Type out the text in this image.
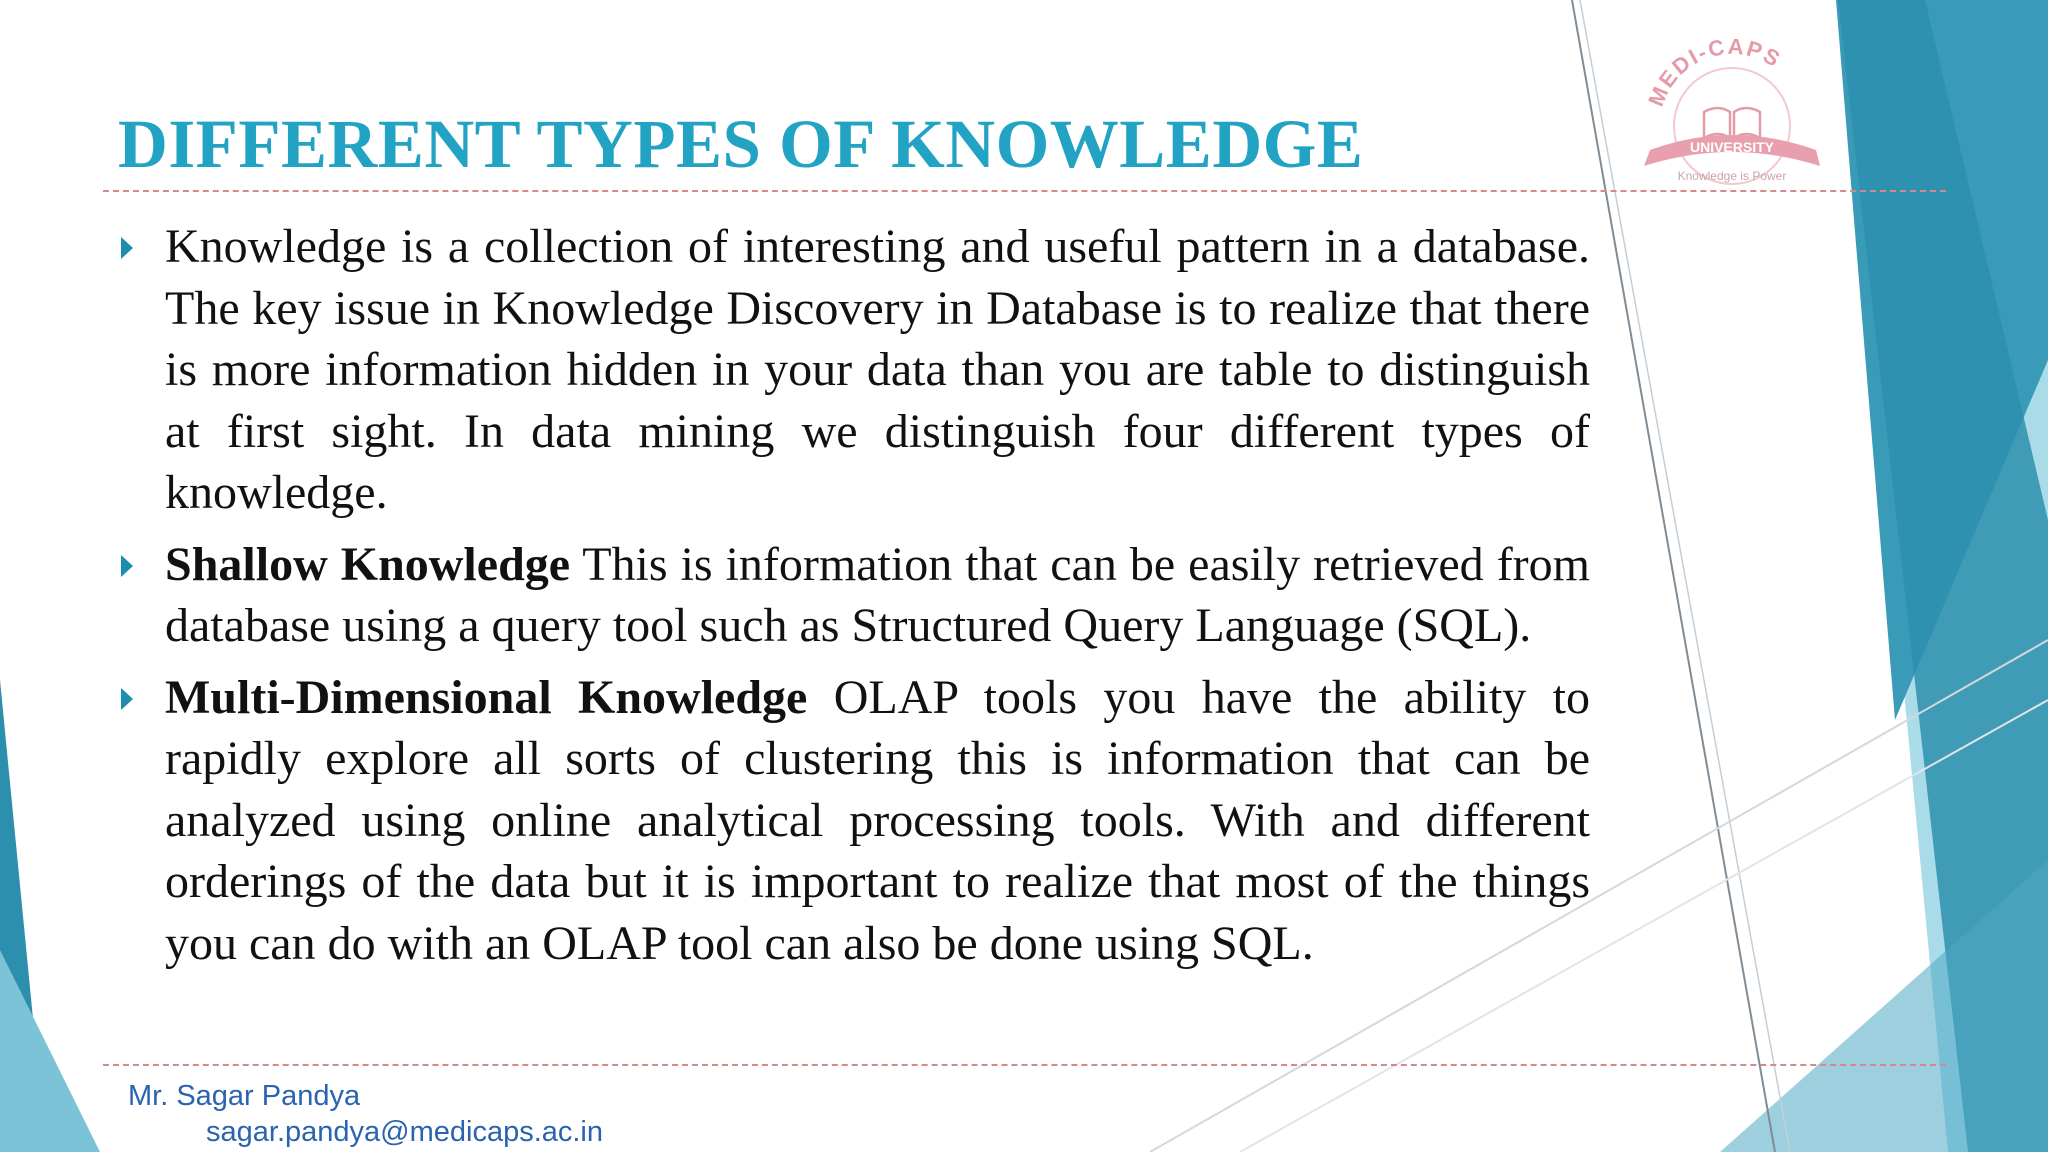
MEDI-CAPS
UNIVERSITY
Knowledge is Power
DIFFERENT TYPES OF KNOWLEDGE
Knowledge is a collection of interesting and useful pattern in a database. The key issue in Knowledge Discovery in Database is to realize that there is more information hidden in your data than you are table to distinguish at first sight. In data mining we distinguish four different types of knowledge.
Shallow Knowledge This is information that can be easily retrieved from database using a query tool such as Structured Query Language (SQL).
Multi-Dimensional Knowledge OLAP tools you have the ability to rapidly explore all sorts of clustering this is information that can be analyzed using online analytical processing tools. With and different orderings of the data but it is important to realize that most of the things you can do with an OLAP tool can also be done using SQL.
Mr. Sagar Pandya
sagar.pandya@medicaps.ac.in
